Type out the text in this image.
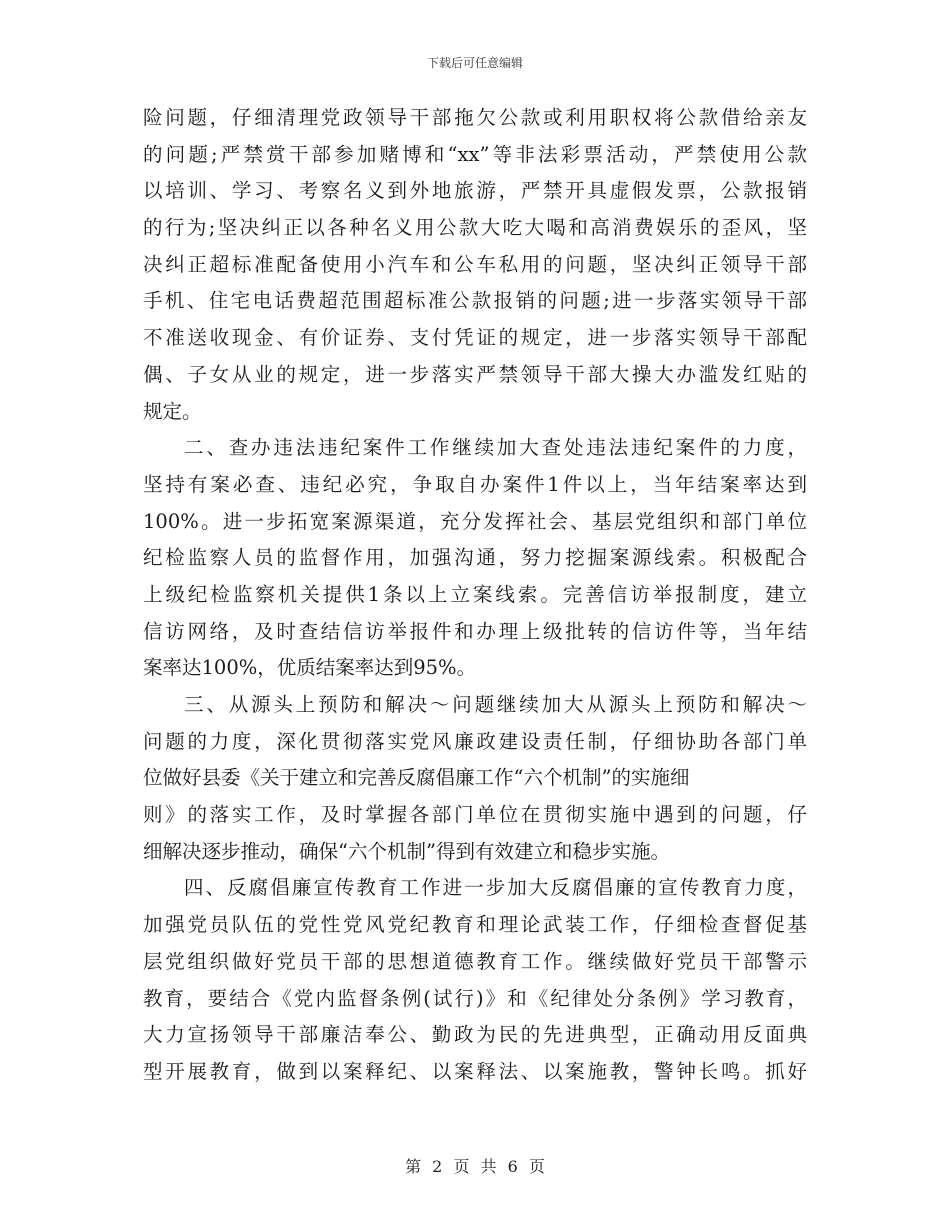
下载后可任意编辑
险问题，仔细清理党政领导干部拖欠公款或利用职权将公款借给亲友
的问题;严禁赏干部参加赌博和“xx”等非法彩票活动，严禁使用公款
以培训、学习、考察名义到外地旅游，严禁开具虚假发票，公款报销
的行为;坚决纠正以各种名义用公款大吃大喝和高消费娱乐的歪风，坚
决纠正超标准配备使用小汽车和公车私用的问题，坚决纠正领导干部
手机、住宅电话费超范围超标准公款报销的问题;进一步落实领导干部
不准送收现金、有价证券、支付凭证的规定，进一步落实领导干部配
偶、子女从业的规定，进一步落实严禁领导干部大操大办滥发红贴的
规定。
二、查办违法违纪案件工作继续加大查处违法违纪案件的力度，
坚持有案必查、违纪必究，争取自办案件1件以上，当年结案率达到
100%。进一步拓宽案源渠道，充分发挥社会、基层党组织和部门单位
纪检监察人员的监督作用，加强沟通，努力挖掘案源线索。积极配合
上级纪检监察机关提供1条以上立案线索。完善信访举报制度，建立
信访网络，及时查结信访举报件和办理上级批转的信访件等，当年结
案率达100%，优质结案率达到95%。
三、从源头上预防和解决～问题继续加大从源头上预防和解决～
问题的力度，深化贯彻落实党风廉政建设责任制，仔细协助各部门单
位做好县委《关于建立和完善反腐倡廉工作“六个机制”的实施细
则》的落实工作，及时掌握各部门单位在贯彻实施中遇到的问题，仔
细解决逐步推动，确保“六个机制”得到有效建立和稳步实施。
四、反腐倡廉宣传教育工作进一步加大反腐倡廉的宣传教育力度，
加强党员队伍的党性党风党纪教育和理论武装工作，仔细检查督促基
层党组织做好党员干部的思想道德教育工作。继续做好党员干部警示
教育，要结合《党内监督条例(试行)》和《纪律处分条例》学习教育，
大力宣扬领导干部廉洁奉公、勤政为民的先进典型，正确动用反面典
型开展教育，做到以案释纪、以案释法、以案施教，警钟长鸣。抓好
第 2 页 共 6 页
